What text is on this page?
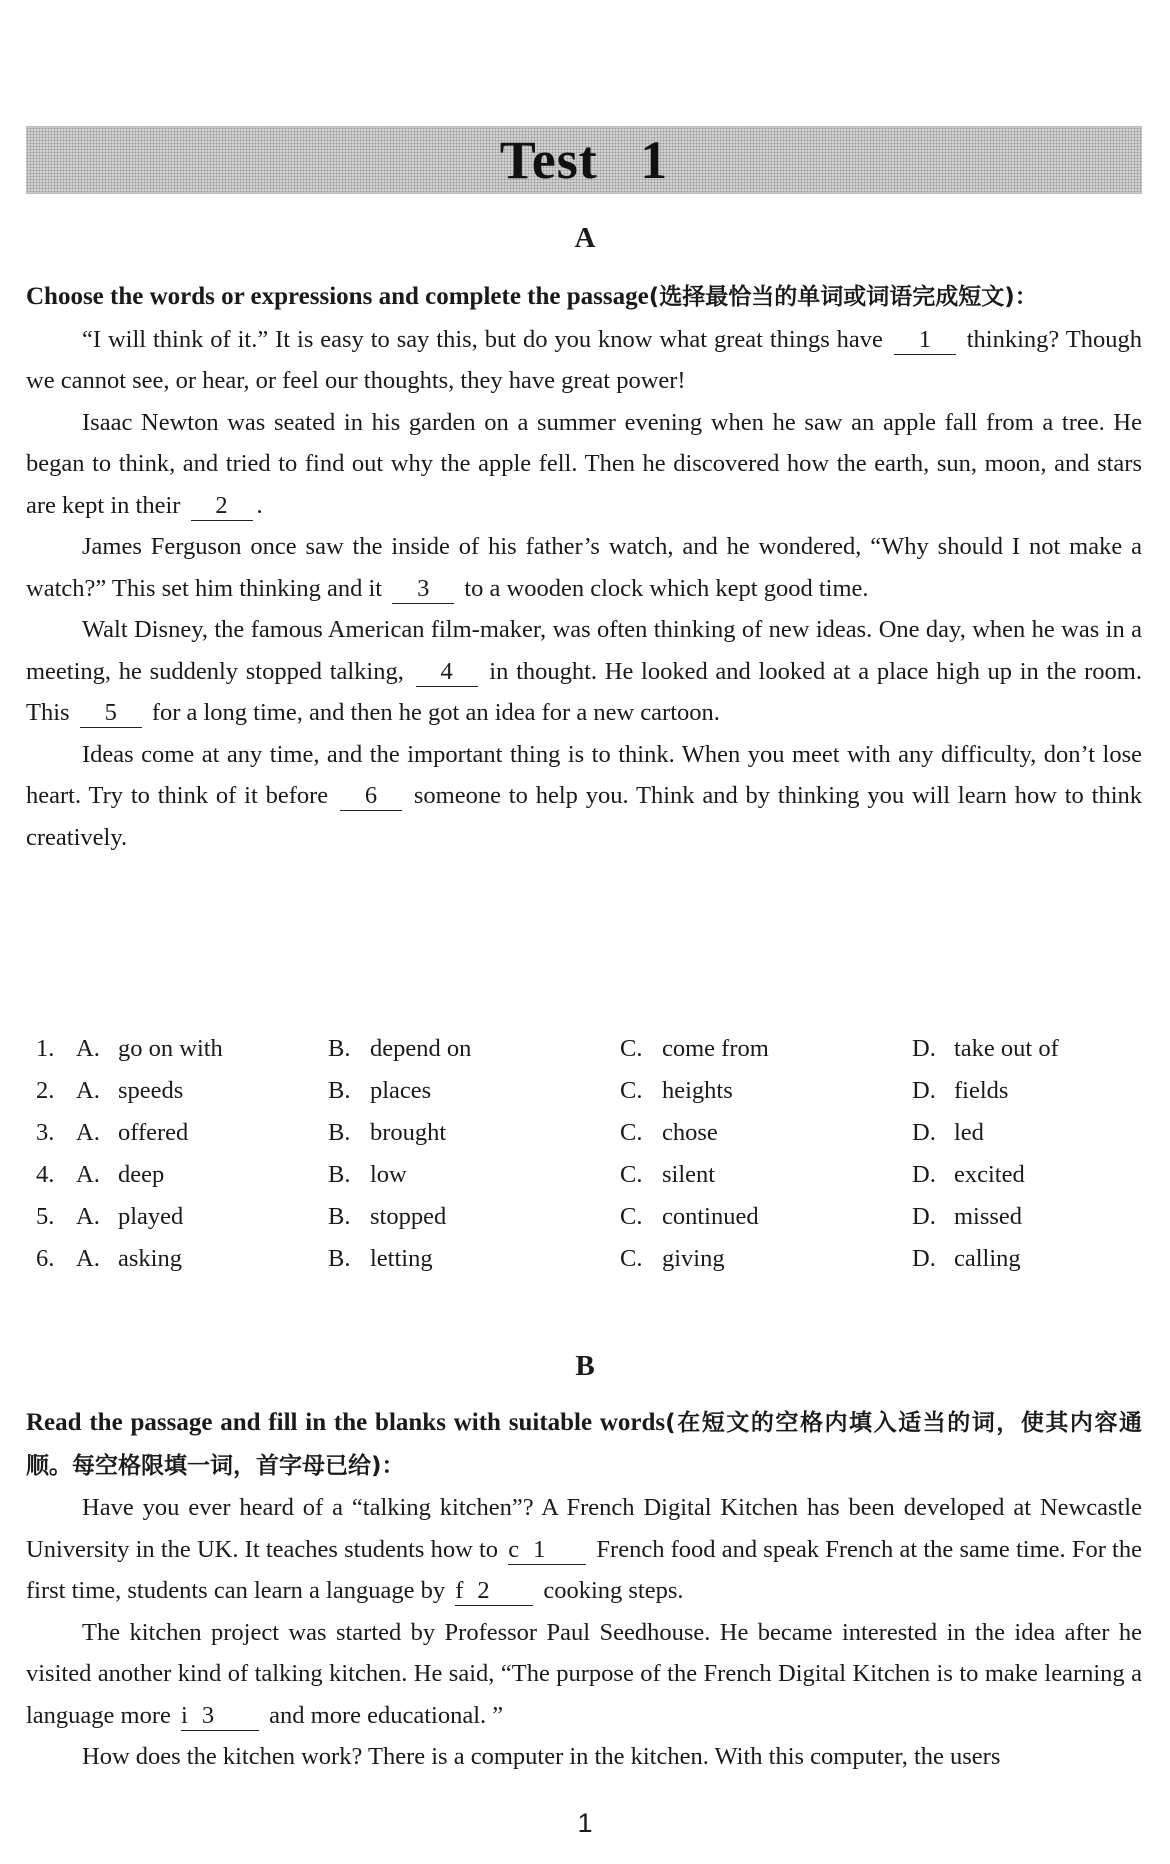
Test 1
A

Choose the words or expressions and complete the passage(选择最恰当的单词或词语完成短文)：

“I will think of it.” It is easy to say this, but do you know what great things have 1 thinking? Though we cannot see, or hear, or feel our thoughts, they have great power!

Isaac Newton was seated in his garden on a summer evening when he saw an apple fall from a tree. He began to think, and tried to find out why the apple fell. Then he discovered how the earth, sun, moon, and stars are kept in their 2 .

James Ferguson once saw the inside of his father’s watch, and he wondered, “Why should I not make a watch?” This set him thinking and it 3 to a wooden clock which kept good time.

Walt Disney, the famous American film-maker, was often thinking of new ideas. One day, when he was in a meeting, he suddenly stopped talking, 4 in thought. He looked and looked at a place high up in the room. This 5 for a long time, and then he got an idea for a new cartoon.

Ideas come at any time, and the important thing is to think. When you meet with any difficulty, don’t lose heart. Try to think of it before 6 someone to help you. Think and by thinking you will learn how to think creatively.

1. A. go on with	B. depend on	C. come from	D. take out of
2. A. speeds	B. places	C. heights	D. fields
3. A. offered	B. brought	C. chose	D. led
4. A. deep	B. low	C. silent	D. excited
5. A. played	B. stopped	C. continued	D. missed
6. A. asking	B. letting	C. giving	D. calling
B

Read the passage and fill in the blanks with suitable words(在短文的空格内填入适当的词，使其内容通顺。每空格限填一词，首字母已给)：

Have you ever heard of a “talking kitchen”? A French Digital Kitchen has been developed at Newcastle University in the UK. It teaches students how to c 1 French food and speak French at the same time. For the first time, students can learn a language by f 2 cooking steps.

The kitchen project was started by Professor Paul Seedhouse. He became interested in the idea after he visited another kind of talking kitchen. He said, “The purpose of the French Digital Kitchen is to make learning a language more i 3 and more educational. ”

How does the kitchen work? There is a computer in the kitchen. With this computer, the users

1
